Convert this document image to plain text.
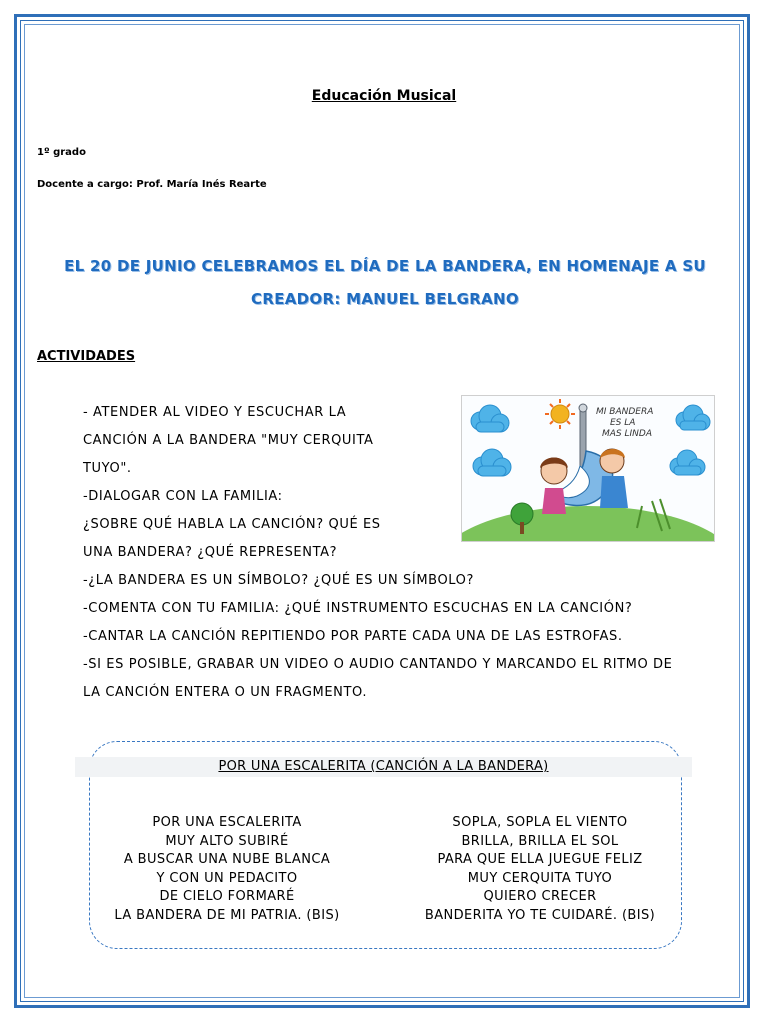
Educación Musical
1º grado
Docente a cargo: Prof. María Inés Rearte
EL 20 DE JUNIO CELEBRAMOS EL DÍA DE LA BANDERA, EN HOMENAJE A SU
CREADOR: MANUEL BELGRANO
ACTIVIDADES
- ATENDER AL VIDEO Y ESCUCHAR LA
CANCIÓN A LA BANDERA "MUY CERQUITA
TUYO".
-DIALOGAR CON LA FAMILIA:
¿SOBRE QUÉ HABLA LA CANCIÓN? QUÉ ES
UNA BANDERA? ¿QUÉ REPRESENTA?
-¿LA BANDERA ES UN SÍMBOLO? ¿QUÉ ES UN SÍMBOLO?
-COMENTA CON TU FAMILIA: ¿QUÉ INSTRUMENTO ESCUCHAS EN LA CANCIÓN?
-CANTAR LA CANCIÓN REPITIENDO POR PARTE CADA UNA DE LAS ESTROFAS.
-SI ES POSIBLE, GRABAR UN VIDEO O AUDIO CANTANDO Y MARCANDO EL RITMO DE
LA CANCIÓN ENTERA O UN FRAGMENTO.
MI BANDERA
ES LA
MAS LINDA
POR UNA ESCALERITA (CANCIÓN A LA BANDERA)
POR UNA ESCALERITA
MUY ALTO SUBIRÉ
A BUSCAR UNA NUBE BLANCA
Y CON UN PEDACITO
DE CIELO FORMARÉ
LA BANDERA DE MI PATRIA. (BIS)
SOPLA, SOPLA EL VIENTO
BRILLA, BRILLA EL SOL
PARA QUE ELLA JUEGUE FELIZ
MUY CERQUITA TUYO
QUIERO CRECER
BANDERITA YO TE CUIDARÉ. (BIS)
